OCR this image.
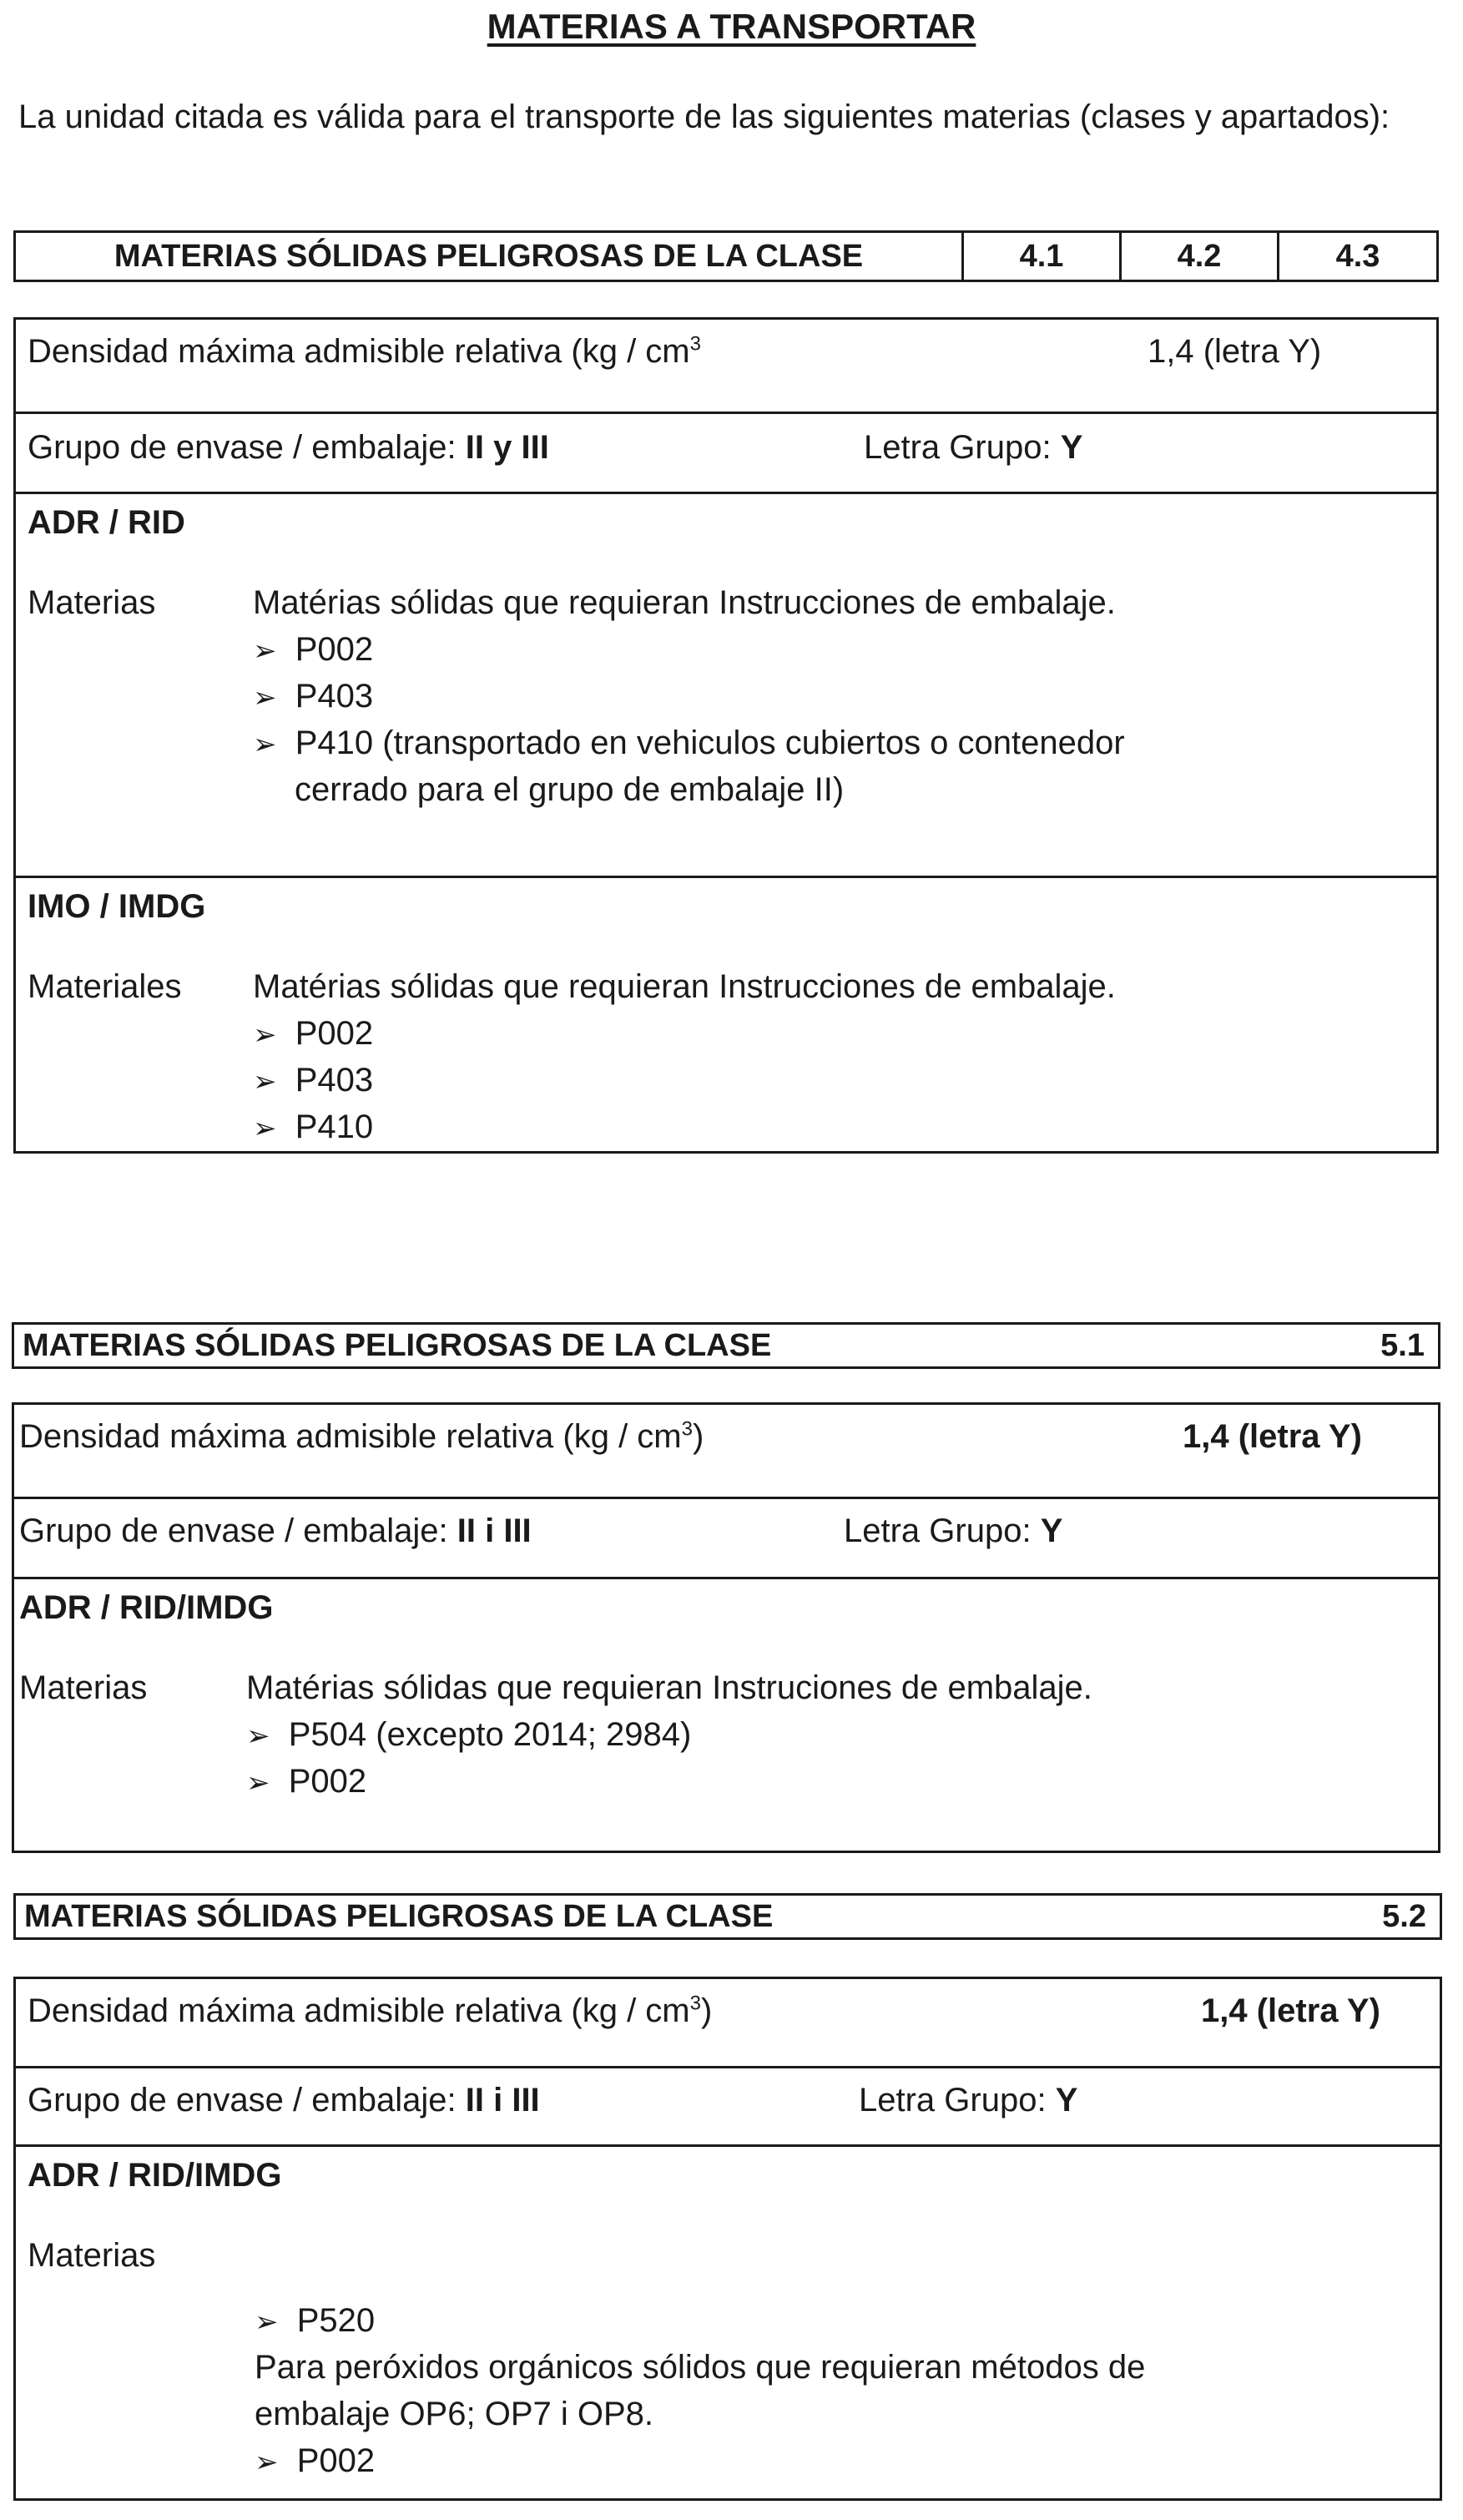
MATERIAS A TRANSPORTAR
La unidad citada es válida para el transporte de las siguientes materias (clases y apartados):
MATERIAS SÓLIDAS PELIGROSAS DE LA CLASE	4.1	4.2	4.3
Densidad máxima admisible relativa ($kg / cm^3$	1,4 (letra Y)
Grupo de envase / embalaje: II y III	Letra Grupo: Y
ADR / RID
Materias	Matérias sólidas que requieran Instrucciones de embalaje.
➢ P002
➢ P403
➢ P410 (transportado en vehiculos cubiertos o contenedor
cerrado para el grupo de embalaje II)
IMO / IMDG
Materiales Matérias sólidas que requieran Instrucciones de embalaje.
➢ P002
➢ P403
➢ P410
MATERIAS SÓLIDAS PELIGROSAS DE LA CLASE	5.1
Densidad máxima admisible relativa $(kg / cm^3)$	1,4 (letra Y)
Grupo de envase / embalaje: II i III	Letra Grupo: Y
ADR / RID/IMDG
Materias	Matérias sólidas que requieran Instruciones de embalaje.
➢ P504 (excepto 2014; 2984)
➢ P002
MATERIAS SÓLIDAS PELIGROSAS DE LA CLASE	5.2
Densidad máxima admisible relativa $(kg / cm^3)$	1,4 (letra Y)
Grupo de envase / embalaje: II i III	Letra Grupo: Y
ADR / RID/IMDG
Materias
➢ P520
Para peróxidos orgánicos sólidos que requieran métodos de
embalaje OP6; OP7 i OP8.
➢ P002
